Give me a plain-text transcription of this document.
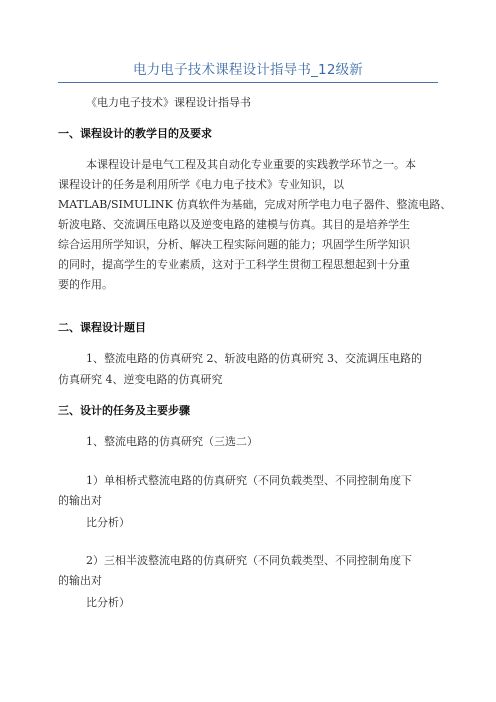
电力电子技术课程设计指导书_12级新
《电力电子技术》课程设计指导书
一、课程设计的教学目的及要求
本课程设计是电气工程及其自动化专业重要的实践教学环节之一。本
课程设计的任务是利用所学《电力电子技术》专业知识，以
MATLAB/SIMULINK 仿真软件为基础，完成对所学电力电子器件、整流电路、
斩波电路、交流调压电路以及逆变电路的建模与仿真。其目的是培养学生
综合运用所学知识，分析、解决工程实际问题的能力；巩固学生所学知识
的同时，提高学生的专业素质，这对于工科学生贯彻工程思想起到十分重
要的作用。
二、课程设计题目
1、整流电路的仿真研究 2、斩波电路的仿真研究 3、交流调压电路的
仿真研究 4、逆变电路的仿真研究
三、设计的任务及主要步骤
1、整流电路的仿真研究（三选二）
1）单相桥式整流电路的仿真研究（不同负载类型、不同控制角度下
的输出对
比分析）
2）三相半波整流电路的仿真研究（不同负载类型、不同控制角度下
的输出对
比分析）
